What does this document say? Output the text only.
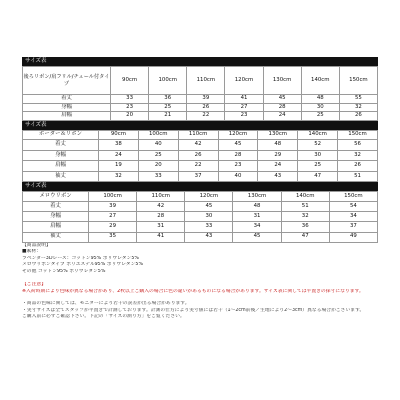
サイズ表
後ろリボン/肩フリル/チュール付タイプ	90cm	100cm	110cm	120cm	130cm	140cm	150cm
着丈	33	36	39	41	45	48	55
身幅	23	25	26	27	28	30	32
肩幅	20	21	22	23	24	25	26

サイズ表
ボーダー＆リボン	90cm	100cm	110cm	120cm	130cm	140cm	150cm
着丈	38	40	42	45	48	52	56
身幅	24	25	26	28	29	30	32
肩幅	19	20	22	23	24	25	26
袖丈	32	33	37	40	43	47	51
サイズ表
メロウリボン	100cm	110cm	120cm	130cm	140cm	150cm
着丈	39	42	45	48	51	54
身幅	27	28	30	31	32	34
肩幅	29	31	33	34	36	37
袖丈	35	41	43	45	47	49
【商品説明】
■素材：
ラベンダー3Dレース：コットン95% ポリウレタン5%
メロウリボンタイプ ポリエステル95% ポリウレタン5%
その他 コットン95% ポリウレタン5%
【ご注意】
※入荷時期により色味が異なる場合があり、2枚以上ご購入の場合に色の違いがあるものになる場合があります。サイズ表に関しては平置きの採寸になります。
・商品の色味に関しては、モニターにより若干の誤差が出る場合があります。
・実寸サイズは全てスタッフが平置きで計測しております。計測の仕方により実寸値には若干（1～2cm前後／生地により2～3cm）異なる場合がございます。
ご購入前に必ずご確認下さい。下記の「サイズの測り方」をご覧ください。
